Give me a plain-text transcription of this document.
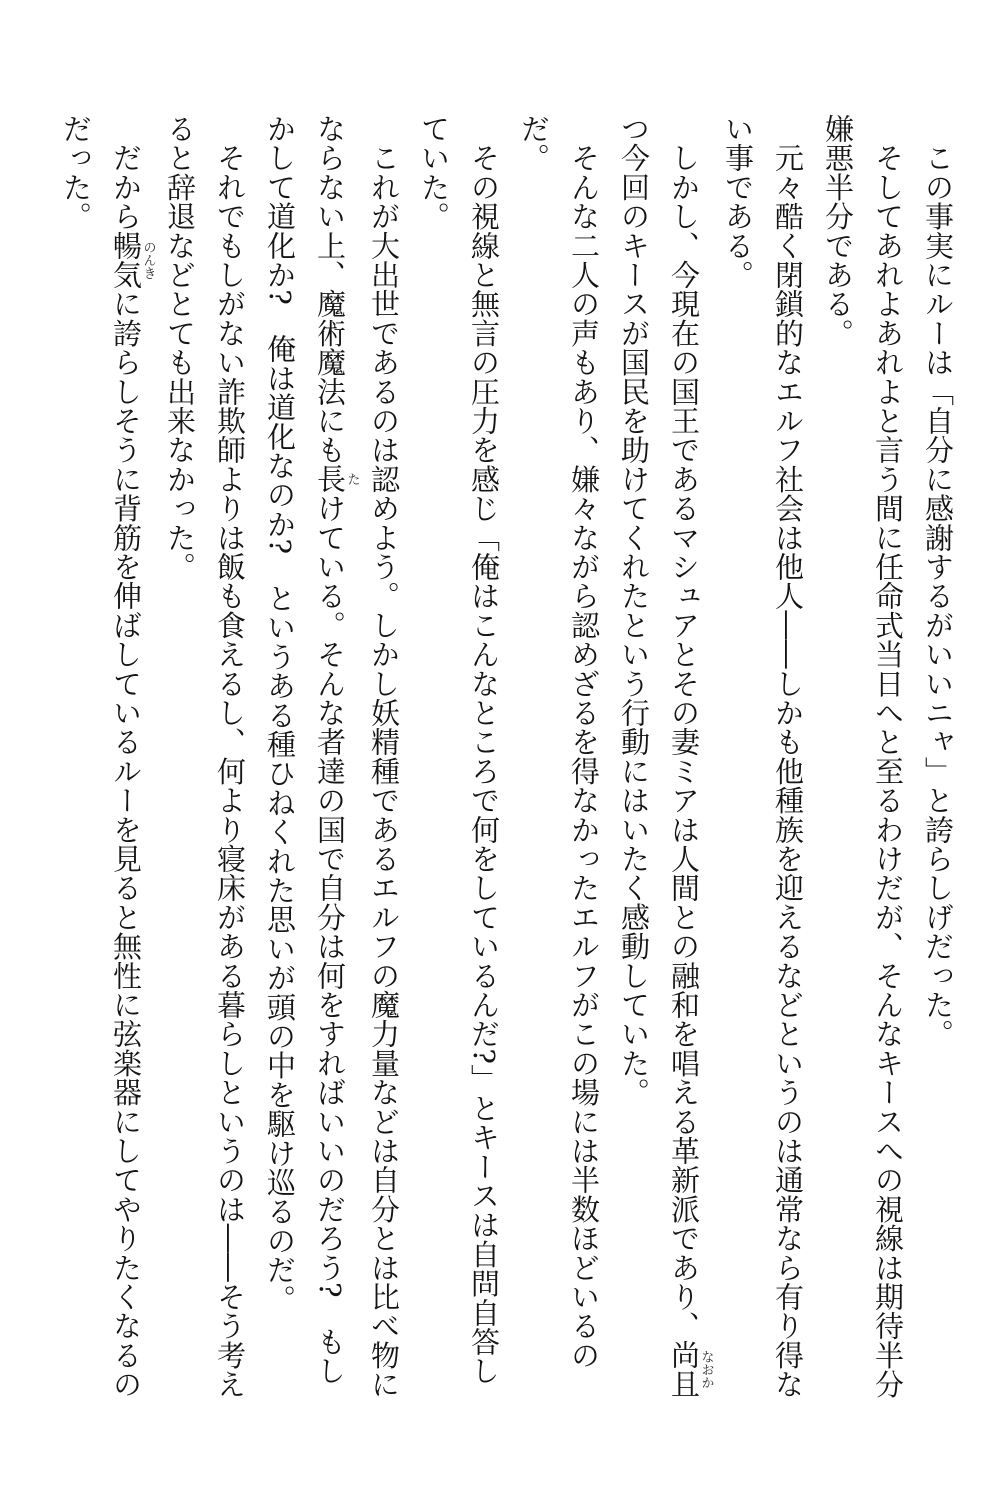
　この事実にルーは「自分に感謝するがいいニャ」と誇らしげだった。

　そしてあれよあれよと言う間に任命式当日へと至るわけだが、そんなキースへの視線は期待半分

嫌悪半分である。

　元々酷く閉鎖的なエルフ社会は他人――しかも他種族を迎えるなどというのは通常なら有り得な

い事である。

　しかし、今現在の国王であるマシュアとその妻ミアは人間との融和を唱える革新派であり、尚且なおか

つ今回のキースが国民を助けてくれたという行動にはいたく感動していた。

　そんな二人の声もあり、嫌々ながら認めざるを得なかったエルフがこの場には半数ほどいるの

だ。

　その視線と無言の圧力を感じ「俺はこんなところで何をしているんだ?」とキースは自問自答し

ていた。

　これが大出世であるのは認めよう。しかし妖精種であるエルフの魔力量などは自分とは比べ物に

ならない上、魔術魔法にも長たけている。そんな者達の国で自分は何をすればいいのだろう?　もし

かして道化か?　俺は道化なのか?　というある種ひねくれた思いが頭の中を駆け巡るのだ。

　それでもしがない詐欺師よりは飯も食えるし、何より寝床がある暮らしというのは――そう考え

ると辞退などとても出来なかった。

　だから暢気のんきに誇らしそうに背筋を伸ばしているルーを見ると無性に弦楽器にしてやりたくなるの

だった。
